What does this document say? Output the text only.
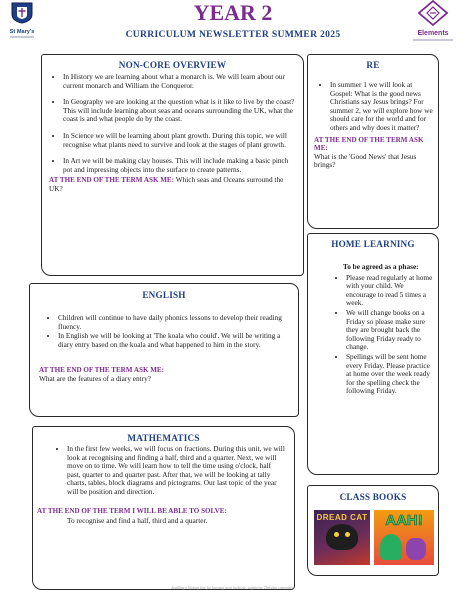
St Mary's
YEAR 2
CURRICULUM NEWSLETTER SUMMER 2025	Elements
NON-CORE OVERVIEW
• In History we are learning about what a monarch is. We will learn about our current monarch and William the Conqueror.
• In Geography we are looking at the question what is it like to live by the coast? This will include learning about seas and oceans surrounding the UK, what the coast is and what people do by the coast.
• In Science we will be learning about plant growth. During this topic, we will recognise what plants need to survive and look at the stages of plant growth.
• In Art we will be making clay houses. This will include making a basic pinch pot and impressing objects into the surface to create patterns.

AT THE END OF THE TERM ASK ME: Which seas and Oceans surround the UK?

RE
• In summer 1 we will look at Gospel: What is the good news Christians say Jesus brings? For summer 2, we will explore how we should care for the world and for others and why does it matter?

AT THE END OF THE TERM ASK ME:
What is the 'Good News' that Jesus brings?

HOME LEARNING

To be agreed as a phase:

• Please read regularly at home with your child. We encourage to read 5 times a week.
• We will change books on a Friday so please make sure they are brought back the following Friday ready to change.
• Spellings will be sent home every Friday. Please practice at home over the week ready for the spelling check the following Friday.
ENGLISH
• Children will continue to have daily phonics lessons to develop their reading fluency.
• In English we will be looking at 'The koala who could'. We will be writing a diary entry based on the koala and what happened to him in the story.

AT THE END OF THE TERM ASK ME:
What are the features of a diary entry?

MATHEMATICS
• In the first few weeks, we will focus on fractions. During this unit, we will look at recognising and finding a half, third and a quarter. Next, we will move on to time. We will learn how to tell the time using o'clock, half past, quarter to and quarter past. After that, we will be looking at tally charts, tables, block diagrams and pictograms. Our last topic of the year will be position and direction.

AT THE END OF THE TERM I WILL BE ABLE TO SOLVE:

To recognise and find a half, third and a quarter.

CLASS BOOKS
DREAD CAT	AAH!
Instilling a lifelong love for learning in an inclusive, supportive Christian community.
